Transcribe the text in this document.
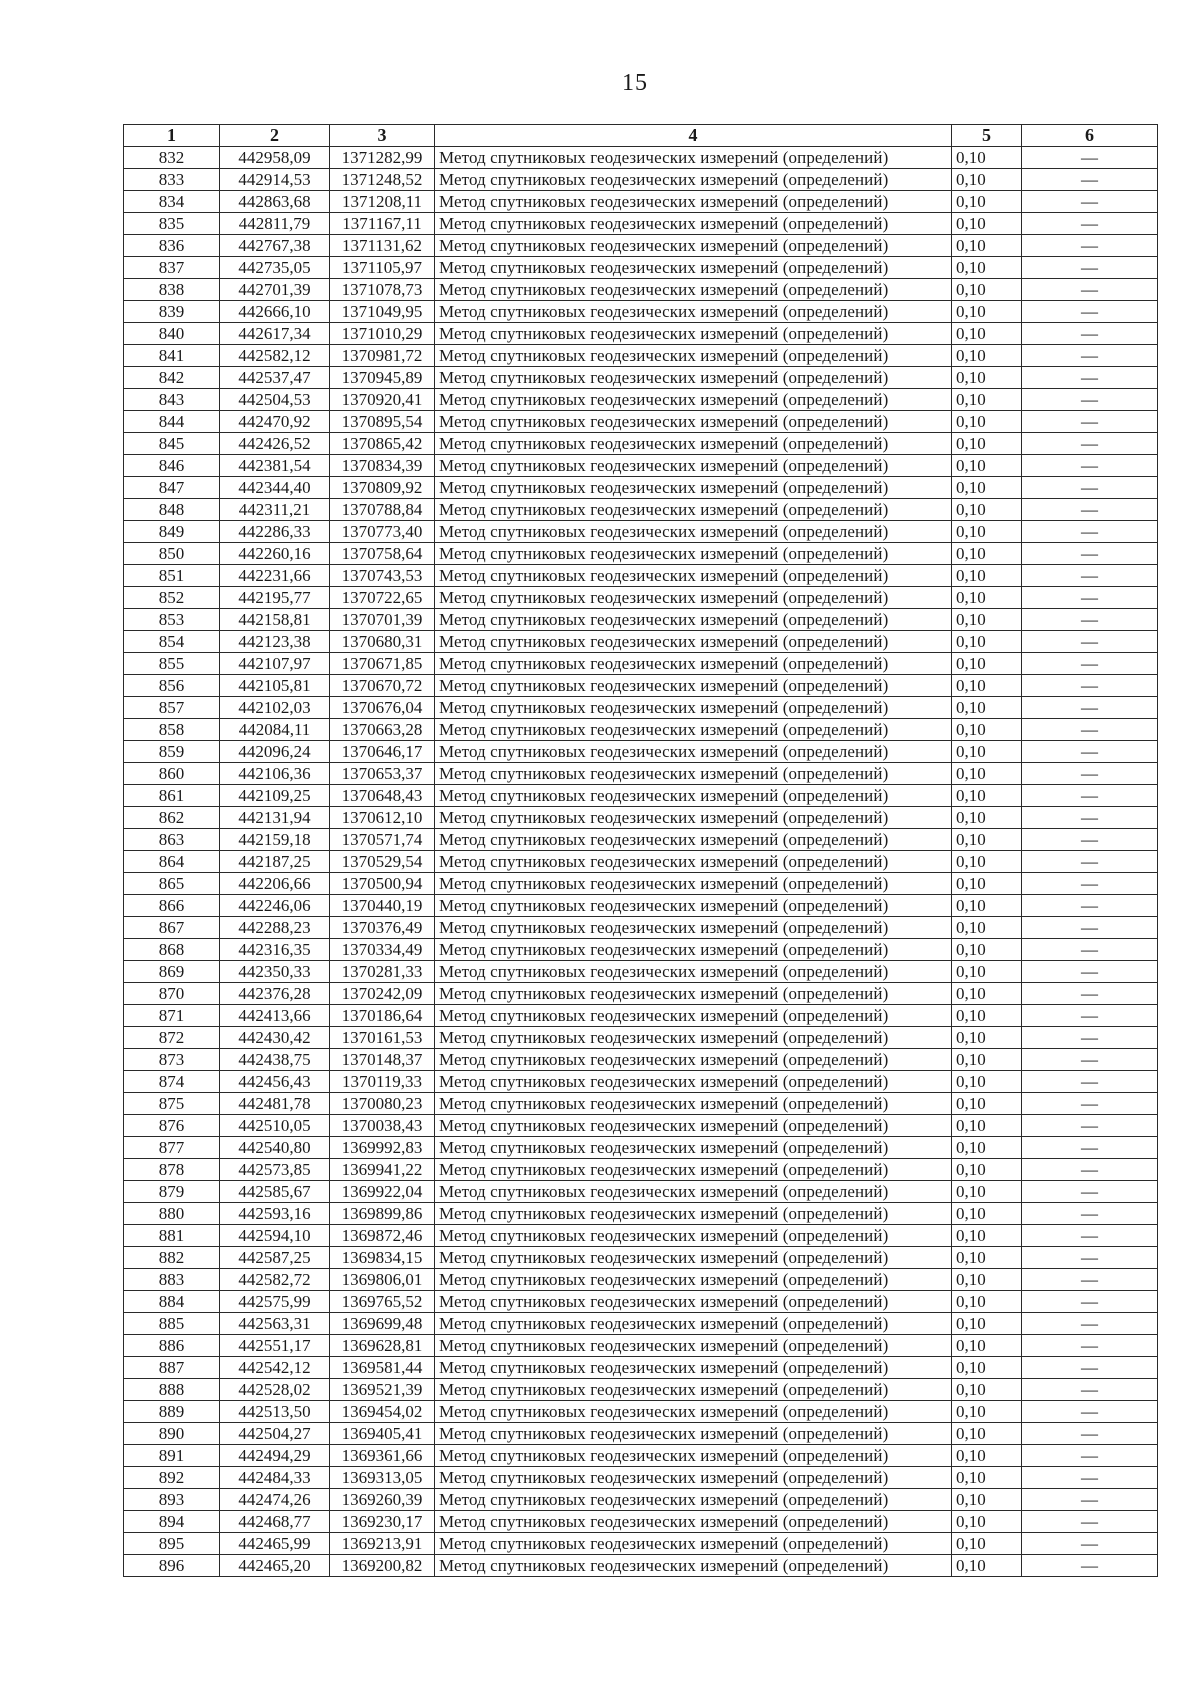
15
1	2	3	4	5	6
832	442958,09	1371282,99	Метод спутниковых геодезических измерений (определений)	0,10	—
833	442914,53	1371248,52	Метод спутниковых геодезических измерений (определений)	0,10	—
834	442863,68	1371208,11	Метод спутниковых геодезических измерений (определений)	0,10	—
835	442811,79	1371167,11	Метод спутниковых геодезических измерений (определений)	0,10	—
836	442767,38	1371131,62	Метод спутниковых геодезических измерений (определений)	0,10	—
837	442735,05	1371105,97	Метод спутниковых геодезических измерений (определений)	0,10	—
838	442701,39	1371078,73	Метод спутниковых геодезических измерений (определений)	0,10	—
839	442666,10	1371049,95	Метод спутниковых геодезических измерений (определений)	0,10	—
840	442617,34	1371010,29	Метод спутниковых геодезических измерений (определений)	0,10	—
841	442582,12	1370981,72	Метод спутниковых геодезических измерений (определений)	0,10	—
842	442537,47	1370945,89	Метод спутниковых геодезических измерений (определений)	0,10	—
843	442504,53	1370920,41	Метод спутниковых геодезических измерений (определений)	0,10	—
844	442470,92	1370895,54	Метод спутниковых геодезических измерений (определений)	0,10	—
845	442426,52	1370865,42	Метод спутниковых геодезических измерений (определений)	0,10	—
846	442381,54	1370834,39	Метод спутниковых геодезических измерений (определений)	0,10	—
847	442344,40	1370809,92	Метод спутниковых геодезических измерений (определений)	0,10	—
848	442311,21	1370788,84	Метод спутниковых геодезических измерений (определений)	0,10	—
849	442286,33	1370773,40	Метод спутниковых геодезических измерений (определений)	0,10	—
850	442260,16	1370758,64	Метод спутниковых геодезических измерений (определений)	0,10	—
851	442231,66	1370743,53	Метод спутниковых геодезических измерений (определений)	0,10	—
852	442195,77	1370722,65	Метод спутниковых геодезических измерений (определений)	0,10	—
853	442158,81	1370701,39	Метод спутниковых геодезических измерений (определений)	0,10	—
854	442123,38	1370680,31	Метод спутниковых геодезических измерений (определений)	0,10	—
855	442107,97	1370671,85	Метод спутниковых геодезических измерений (определений)	0,10	—
856	442105,81	1370670,72	Метод спутниковых геодезических измерений (определений)	0,10	—
857	442102,03	1370676,04	Метод спутниковых геодезических измерений (определений)	0,10	—
858	442084,11	1370663,28	Метод спутниковых геодезических измерений (определений)	0,10	—
859	442096,24	1370646,17	Метод спутниковых геодезических измерений (определений)	0,10	—
860	442106,36	1370653,37	Метод спутниковых геодезических измерений (определений)	0,10	—
861	442109,25	1370648,43	Метод спутниковых геодезических измерений (определений)	0,10	—
862	442131,94	1370612,10	Метод спутниковых геодезических измерений (определений)	0,10	—
863	442159,18	1370571,74	Метод спутниковых геодезических измерений (определений)	0,10	—
864	442187,25	1370529,54	Метод спутниковых геодезических измерений (определений)	0,10	—
865	442206,66	1370500,94	Метод спутниковых геодезических измерений (определений)	0,10	—
866	442246,06	1370440,19	Метод спутниковых геодезических измерений (определений)	0,10	—
867	442288,23	1370376,49	Метод спутниковых геодезических измерений (определений)	0,10	—
868	442316,35	1370334,49	Метод спутниковых геодезических измерений (определений)	0,10	—
869	442350,33	1370281,33	Метод спутниковых геодезических измерений (определений)	0,10	—
870	442376,28	1370242,09	Метод спутниковых геодезических измерений (определений)	0,10	—
871	442413,66	1370186,64	Метод спутниковых геодезических измерений (определений)	0,10	—
872	442430,42	1370161,53	Метод спутниковых геодезических измерений (определений)	0,10	—
873	442438,75	1370148,37	Метод спутниковых геодезических измерений (определений)	0,10	—
874	442456,43	1370119,33	Метод спутниковых геодезических измерений (определений)	0,10	—
875	442481,78	1370080,23	Метод спутниковых геодезических измерений (определений)	0,10	—
876	442510,05	1370038,43	Метод спутниковых геодезических измерений (определений)	0,10	—
877	442540,80	1369992,83	Метод спутниковых геодезических измерений (определений)	0,10	—
878	442573,85	1369941,22	Метод спутниковых геодезических измерений (определений)	0,10	—
879	442585,67	1369922,04	Метод спутниковых геодезических измерений (определений)	0,10	—
880	442593,16	1369899,86	Метод спутниковых геодезических измерений (определений)	0,10	—
881	442594,10	1369872,46	Метод спутниковых геодезических измерений (определений)	0,10	—
882	442587,25	1369834,15	Метод спутниковых геодезических измерений (определений)	0,10	—
883	442582,72	1369806,01	Метод спутниковых геодезических измерений (определений)	0,10	—
884	442575,99	1369765,52	Метод спутниковых геодезических измерений (определений)	0,10	—
885	442563,31	1369699,48	Метод спутниковых геодезических измерений (определений)	0,10	—
886	442551,17	1369628,81	Метод спутниковых геодезических измерений (определений)	0,10	—
887	442542,12	1369581,44	Метод спутниковых геодезических измерений (определений)	0,10	—
888	442528,02	1369521,39	Метод спутниковых геодезических измерений (определений)	0,10	—
889	442513,50	1369454,02	Метод спутниковых геодезических измерений (определений)	0,10	—
890	442504,27	1369405,41	Метод спутниковых геодезических измерений (определений)	0,10	—
891	442494,29	1369361,66	Метод спутниковых геодезических измерений (определений)	0,10	—
892	442484,33	1369313,05	Метод спутниковых геодезических измерений (определений)	0,10	—
893	442474,26	1369260,39	Метод спутниковых геодезических измерений (определений)	0,10	—
894	442468,77	1369230,17	Метод спутниковых геодезических измерений (определений)	0,10	—
895	442465,99	1369213,91	Метод спутниковых геодезических измерений (определений)	0,10	—
896	442465,20	1369200,82	Метод спутниковых геодезических измерений (определений)	0,10	—
